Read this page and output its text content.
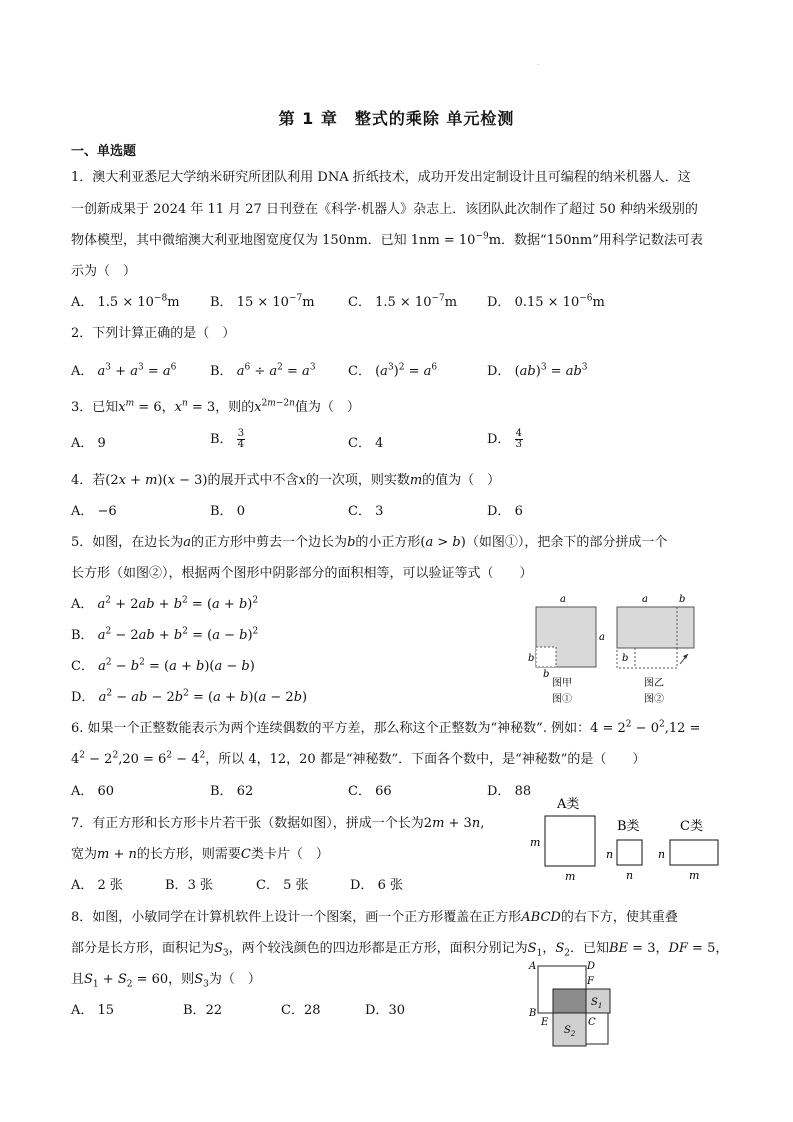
·
第 1 章　整式的乘除 单元检测
一、单选题
1．澳大利亚悉尼大学纳米研究所团队利用 DNA 折纸技术，成功开发出定制设计且可编程的纳米机器人．这
一创新成果于 2024 年 11 月 27 日刊登在《科学·机器人》杂志上．该团队此次制作了超过 50 种纳米级别的
物体模型，其中微缩澳大利亚地图宽度仅为 150nm．已知 $1nm = 10^{-9}m$．数据“150nm”用科学记数法可表
示为（　）
A． $1.5 \times 10^{-8}m$ B． $15 \times 10^{-7}m$	C． $1.5 \times 10^{-7}m$ D． $0.15 \times 10^{-6}m$
2．下列计算正确的是（　）
A． $a^3 + a^3 = a^6$	B． $a^6 \div a^2 = a^3$ C． $(a^3)^2 = a^6$	D． $(ab)^3 = ab^3$
3．已知$x^m = 6$，$x^n = 3$，则的$x^{2m-2n}$值为（　）
A． 9	B． $\frac{3}{4}$	C． 4	D． $\frac{4}{3}$
4．若(2x + m)(x − 3)的展开式中不含x的一次项，则实数m的值为（　）
A． −6	B． 0	C． 3	D． 6
5．如图，在边长为a的正方形中剪去一个边长为b的小正方形(a > b)（如图①），把余下的部分拼成一个
长方形（如图②），根据两个图形中阴影部分的面积相等，可以验证等式（　　）
A． $a^2 + 2ab + b^2 = (a + b)^2$
B． $a^2 - 2ab + b^2 = (a - b)^2$
C． $a^2 - b^2 = (a + b)(a - b)$
D． $a^2$ − ab − $2b^2 = (a + b)(a - 2b)$
a
a
b
b
图甲
图①
a	b
b
图乙
图②
6. 如果一个正整数能表示为两个连续偶数的平方差，那么称这个正整数为“神秘数”. 例如：$4 = 2^2 - 0^2,12$ =
$4^2 - 2^2,20 = 6^2 - 4^2$，所以 4，12，20 都是“神秘数”．下面各个数中，是“神秘数”的是（　　）
A． 60	B． 62	C． 66	D． 88
7．有正方形和长方形卡片若干张（数据如图），拼成一个长为2m + 3n,
宽为m + n的长方形，则需要C类卡片（　）
A． 2 张	B．3 张	C． 5 张	D． 6 张
A类
m
m
B类
n
n
C类
n
m
8．如图，小敏同学在计算机软件上设计一个图案，画一个正方形覆盖在正方形ABCD的右下方，使其重叠
部分是长方形，面积记为$S_3$，两个较浅颜色的四边形都是正方形，面积分别记为$S_1$，$S_2$．已知BE = 3，DF = 5，
且$S_1 + S_2 = 60$，则$S_3$为（　）
A． 15	B．22	C．28	D．30
A	D
F
B
E	C
$S_1$
$S_2$
